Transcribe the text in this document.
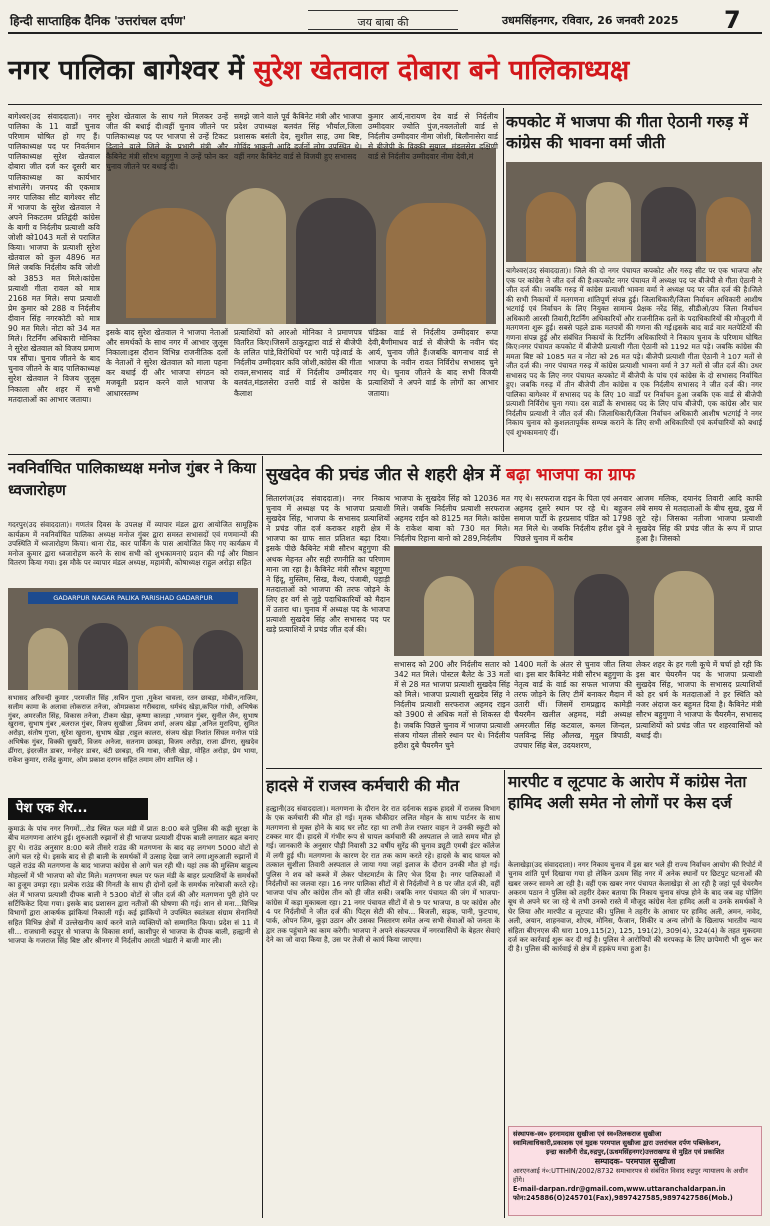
हिन्दी साप्ताहिक दैनिक 'उत्तरांचल दर्पण'	जय बाबा की	उधमसिंहनगर, रविवार, 26 जनवरी 2025 7
नगर पालिका बागेश्वर में सुरेश खेतवाल दोबारा बने पालिकाध्यक्ष
बागेश्वर(उद संवाददाता)। नगर पालिका के 11 वार्डों चुनाव परिणाम घोषित हो गए हैं। पालिकाध्यक्ष पद पर निवर्तमान पालिकाध्यक्ष सुरेश खेतवाल दोबारा जीत दर्ज कर दूसरी बार पालिकाध्यक्ष का कार्यभार संभालेंगे। जनपद की एकमात्र नगर पालिका सीट बागेश्वर सीट में भाजपा के सुरेश खेतवाल ने अपने निकटतम प्रतिद्वंदी कांग्रेस के बागी व निर्दलीय प्रत्याशी कवि जोशी को1043 मतों से पराजित किया। भाजपा के प्रत्याशी सुरेश खेतवाल को कुल 4896 मत मिले जबकि निर्दलीय कवि जोशी को 3853 मत मिले।कांग्रेस प्रत्याशी गीता रावल को मात्र 2168 मत मिले। सपा प्रत्याशी प्रेम कुमार को 288 व निर्दलीय दीवान सिंह नगरकोटी को मात्र 90 मत मिले। नोटा को 34 मत मिले। रिटर्निंग अधिकारी मोनिका ने सुरेश खेतवाल को विजय प्रमाण पत्र सौंपा। चुनाव जीतने के बाद चुनाव जीतने के बाद पालिकाध्यक्ष सुरेश खेतवाल ने विजय जुलूस निकाला और शहर में सभी मतदाताओं का आभार जताया।
सुरेश खेतवाल के साथ गले मिलकर उन्हें जीत की बधाई दी।वहीं चुनाव जीतने पर पालिकाध्यक्ष पद पर भाजपा से उन्हें टिकट दिलाने वाले जिले के प्रभारी मंत्री और कैबिनेट मंत्री सौरभ बहुगुणा ने उन्हें फोन कर चुनाव जीतने पर बधाई दी।
समझे जाने वाले पूर्व कैबिनेट मंत्री और भाजपा प्रदेश उपाध्यक्ष बलवंत सिंह भौर्याल,जिला प्रशासक बसंती देव, सुशील साह, उमा बिष्ट, गोविंद भाकुनी आदि दर्जनों लोग उपस्थित थे।वहीं नगर कैबिनेट वार्ड से विजयी हुए सभासद
कुमार आर्य,नारायण देव वार्ड से निर्दलीय उम्मीदवार ज्योति पुंज,नवलतोली वार्ड से निर्दलीय उम्मीदवार नीमा जोशी, बिलौनासेरा वार्ड से बीजेपी के विक्की सुयाल, मंडलसेरा दक्षिणी वार्ड से निर्दलीय उम्मीदवार नीमा देवी,मं
इसके बाद सुरेश खेतवाल ने भाजपा नेताओं और समर्थकों के साथ नगर में आभार जुलूस निकाला।इस दौरान विभिन्न राजनीतिक दलों के नेताओं ने सुरेश खेतवाल को माला पहना कर बधाई दी और भाजपा संगठन को मजबूती प्रदान करने वाले भाजपा के आधारस्तम्भ
प्रत्याशियों को आरओ मोनिका ने प्रमाणपत्र वितरित किए।जिसमें ठाकुरद्वारा वार्ड से बीजेपी के ललित पांडे,विरोधियों पर भारी पड़े।वार्ड के निर्दलीय उम्मीदवार कवि जोशी,कांग्रेस की गीता रावल,सभासद वार्ड में निर्दलीय उम्मीदवार बलवंत,मंडलसेरा उत्तरी वार्ड से कांग्रेस के कैलाश
चंडिका वार्ड से निर्दलीय उम्मीदवार रूपा देवी,बैणीमाधव वार्ड से बीजेपी के नवीन चंद आर्य, चुनाव जीते हैं।जबकि बागनाथ वार्ड से भाजपा के नवीन रावत निर्विरोध सभासद चुने गए थे। चुनाव जीतने के बाद सभी विजयी प्रत्याशियों ने अपने वार्ड के लोगों का आभार जताया।
कपकोट में भाजपा की गीता ऐठानी गरुड़ में कांग्रेस की भावना वर्मा जीती
बागेश्वर(उद संवाददाता)। जिले की दो नगर पंचायत कपकोट और गरुड़ सीट पर एक भाजपा और एक पर कांग्रेस ने जीत दर्ज की है।कपकोट नगर पंचायत में अध्यक्ष पद पर बीजेपी से गीता ऐठानी ने जीत दर्ज की। जबकि गरुड़ में कांग्रेस प्रत्याशी भावना वर्मा ने अध्यक्ष पद पर जीत दर्ज की है।जिले की सभी निकायों में मतगणना शांतिपूर्ण संपन्न हुई। जिलाधिकारी/जिला निर्वाचन अधिकारी आशीष भटगांई एवं निर्वाचन के लिए नियुक्त सामान्य प्रेक्षक नरेंद्र सिंह, सीडीओ/उप जिला निर्वाचन अधिकारी आरसी तिवारी,रिटर्निंग अधिकारियों और राजनीतिक दलों के पदाधिकारियों की मौजूदगी में मतगणना शुरू हुई। सबसे पहले डाक मतपत्रों की गणना की गई।इसके बाद वार्ड वार मतपेटियों की गणना संपन्न हुई और संबंधित निकायों के रिटर्निंग अधिकारियों ने निकाय चुनाव के परिणाम घोषित किए।नगर पंचायत कपकोट में बीजेपी प्रत्याशी गीता ऐठानी को 1192 मत पड़े। जबकि कांग्रेस की ममता बिष्ट को 1085 मत व नोटा को 26 मत पड़े। बीजेपी प्रत्याशी गीता ऐठानी ने 107 मतों से जीत दर्ज की। नगर पंचायत गरुड़ में कांग्रेस प्रत्याशी भावना वर्मा ने 37 मतों से जीत दर्ज की। उधर सभासद पद के लिए नगर पंचायत कपकोट में बीजेपी के पांच एवं कांग्रेस के दो सभासद निर्वाचित हुए। जबकि गरुड़ में तीन बीजेपी तीन कांग्रेस व एक निर्दलीय सभासद ने जीत दर्ज की। नगर पालिका बागेश्वर में सभासद पद के लिए 10 वार्डों पर निर्वाचन हुआ जबकि एक वार्ड से बीजेपी प्रत्याशी निर्विरोध चुना गया। दस वार्डों के सभासद पद के लिए पांच बीजेपी, एक कांग्रेस और चार निर्दलीय प्रत्याशी ने जीत दर्ज की। जिलाधिकारी/जिला निर्वाचन अधिकारी आशीष भटगांई ने नगर निकाय चुनाव को कुशलतापूर्वक सम्पन्न कराने के लिए सभी अधिकारियों एवं कर्मचारियों को बधाई एवं शुभकामनाएं दीं।
नवनिर्वाचित पालिकाध्यक्ष मनोज गुंबर ने किया ध्वजारोहण
गदरपुर(उद संवाददाता)। गणतंत्र दिवस के उपलक्ष में व्यापार मंडल द्वारा आयोजित सामूहिक कार्यक्रम में नवनिर्वाचित पालिका अध्यक्ष मनोज गुंबर द्वारा समस्त सभासदों एवं गणमान्यों की उपस्थिति में ध्वजारोहण किया। थाना रोड, कार पार्किंग के पास आयोजित किए गए कार्यक्रम में मनोज कुमार द्वारा ध्वजारोहण करने के साथ सभी को शुभकामनाएं प्रदान की गई और मिष्ठान वितरण किया गया। इस मौके पर व्यापार मंडल अध्यक्ष, महामंत्री, कोषाध्यक्ष राहुल अरोड़ा सहित
GADARPUR NAGAR PALIKA PARISHAD GADARPUR
सभासद अरिवन्दी कुमार ,परमजीत सिंह ,सचिन गुप्ता ,मुकेश चावला, रतन छाबड़ा, मोबीन,नाजिम, सलीम कामा के अलावा लोकराज तनेजा, ओमप्रकाश गरीबदास, धर्मचंद खेड़ा,कपिल गांधी, अभिषेक गुंबर, अमरजीत सिंह, विकास तनेजा, टीकम खेड़ा, कृष्णा कालड़ा ,भगवान गुंबर, सुनील जैन, सुभाष खुराना, सुभाष गुंबर ,बलराज गुंबर, विजय सुखीजा ,शिवम शर्मा, अजय खेड़ा ,अनिल मुरादिया, सुमित अरोड़ा, संतोष गुप्ता, सुरेश खुराना, सुभाष खेड़ा ,राहुल कालरा, संजय खेड़ा निशांत सिंघल मनोज पांडे अभिषेक गुंबर, विक्की सुखरी, विजय अनेजा, सतनाम छाबड़ा, विजय अरोड़ा, राजा ढींगरा, सुखदेव ढींगरा, इंदरजीत डाबर, मनोहर डाबर, बंटी छाबड़ा, रवि गाबा, जीती खेड़ा, मोहित अरोड़ा, प्रेम भाया, राकेश कुमार, राजेंद्र कुमार, ओम प्रकाश दरगन सहित तमाम लोग शामिल रहे ।
पेश एक शेर...
कुमाऊं के पांच नगर निगमों...रोड स्थित फल मंडी में प्रातः 8:00 बजे पुलिस की कड़ी सुरक्षा के बीच मतगणना आरंभ हुई। शुरुआती रुझानों से ही भाजपा प्रत्याशी दीपक बाली लगातार बढ़त बनाए हुए थे। राउंड अनुसार 8:00 बजे तीसरे राउंड की मतगणना के बाद वह लगभग 5000 वोटों से आगे चल रहे थे। इसके बाद से ही बाली के समर्थकों में उत्साह देखा जाने लगा।शुरुआती रुझानों में पहले राउंड की मतगणना के बाद भाजपा कांग्रेस से आगे चल रही थी। यहां तक की मुस्लिम बाहुल्य मोहल्लों में भी भाजपा को वोट मिले। मतगणना स्थल पर फल मंडी के बाहर प्रत्याशियों के समर्थकों का हुजूम उमड़ा रहा। प्रत्येक राउंड की गिनती के साथ ही दोनों दलों के समर्थक नारेबाजी करते रहे। अंत में भाजपा प्रत्याशी दीपक बाली ने 5300 वोटों से जीत दर्ज की और मतगणना पूरी होने पर सर्टिफिकेट दिया गया। इसके बाद प्रशासन द्वारा नतीजों की घोषणा की गई। शान से मना...विभिन्न विभागों द्वारा आकर्षक झांकियां निकाली गई। कई झांकियों ने उपस्थित स्वतंत्रता संग्राम सेनानियों सहित विभिन्न क्षेत्रों में उल्लेखनीय कार्य करने वाले व्यक्तियों को सम्मानित किया। प्रदेश सं 11 में सी... राजधानी रुद्रपुर से भाजपा के विकास शर्मा, काशीपुर से भाजपा के दीपक बाली, हल्द्वानी से भाजपा के गजराज सिंह बिष्ट और श्रीनगर में निर्दलीय आरती भंडारी ने बाजी मार ली।
सुखदेव की प्रचंड जीत से शहरी क्षेत्र में बढ़ा भाजपा का ग्राफ
सितारगंज(उद संवाददाता)। नगर निकाय चुनाव में अध्यक्ष पद के भाजपा प्रत्याशी सुखदेव सिंह, भाजपा के सभासद प्रत्याशियों ने प्रचंड जीत दर्ज कराकर शहरी क्षेत्र में भाजपा का ग्राफ सात प्रतिशत बढ़ा दिया। इसके पीछे कैबिनेट मंत्री सौरभ बहुगुणा की अथक मेहनत और सही रणनीति का परिणाम माना जा रहा है। कैबिनेट मंत्री सौरभ बहुगुणा ने हिंदू, मुस्लिम, सिख, वैश्य, पंजाबी, पहाड़ी मतदाताओं को भाजपा की तरफ जोड़ने के लिए हर वर्ग से जुड़े पदाधिकारियों को मैदान में उतारा था। चुनाव में अध्यक्ष पद के भाजपा प्रत्याशी सुखदेव सिंह और सभासद पद पर खड़े प्रत्याशियों ने प्रचंड जीत दर्ज की।
भाजपा के सुखदेव सिंह को 12036 मत मिले। जबकि निर्दलीय प्रत्याशी सरफराज अहमद राईन को 8125 मत मिले। कांग्रेस के राकेश बाबा को 730 मत मिले। निर्दलीय रिहाना बानो को 289,निर्दलीय
गए थे। सरफराज राइन के पिता एवं अनवार अहमद दूसरे स्थान पर रहे थे। बहुजन समाज पार्टी के हरप्रसाद पंडित को 1798 मत मिले थे। जबकि निर्दलीय हरीश दुबे ने पिछले चुनाव में करीब
आजम मलिक, दयानंद तिवारी आदि काफी लंबे समय से मतदाताओं के बीच सुख, दुख में जुटे रहे। जिसका नतीजा भाजपा प्रत्याशी सुखदेव सिंह की प्रचंड जीत के रूप में प्राप्त हुआ है। जिसको
सभासद को 200 और निर्दलीय सतार को 342 मत मिले। पोस्टल बैलेट के 33 मतों में से 28 मत भाजपा प्रत्याशी सुखदेव सिंह को मिले। भाजपा प्रत्याशी सुखदेव सिंह ने निर्दलीय प्रत्याशी सरफराज अहमद राइन को 3900 से अधिक मतों से शिकस्त दी है। जबकि पिछले चुनाव में भाजपा प्रत्याशी संजय गोयल तीसरे स्थान पर थे। निर्दलीय हरीश दुबे चैयरमैन चुने
1400 मतों के अंतर से चुनाव जीत लिया था। इस बार कैबिनेट मंत्री सौरभ बहुगुणा के नेतृत्व वार्ड के वार्ड का सफल भाजपा की तरफ जोड़ने के लिए टीमें बनाकर मैदान में उतारी थीं। जिसमें रामप्रह्लाद कामेड़ी चैयरमैन खलील अहमद, मंडी अध्यक्ष अमरजीत सिंह कटवाल, कमल जिन्दल, पलविन्द्र सिंह औलख, मृदुल त्रिपाठी, उपचार सिंह बेल, उदयशरण,
लेकर शहर के हर गली कूचे में चर्चा हो रही कि इस बार चेयरमैन पद के भाजपा प्रत्याशी सुखदेव सिंह, भाजपा के सभासद प्रत्याशियों को हर धर्म के मतदाताओं ने हर स्थिति को नजर अंदाज कर बहुमत दिया है। कैबिनेट मंत्री सौरभ बहुगुणा ने भाजपा के चैयरमैन, सभासद प्रत्याशियों को प्रचंड जीत पर शहरवासियों को बधाई दी।
हादसे में राजस्व कर्मचारी की मौत
हल्द्वानी(उद संवाददाता)। मतगणना के दौरान देर रात दर्दनाक सड़क हादसे में राजस्व विभाग के एक कर्मचारी की मौत हो गई। मृतक चौकीदार ललित मोहन के साथ पार्ट‍नर के साथ मतगणना से मुक्त होने के बाद घर लौट रहा था तभी तेज रफ्तार वाहन ने उनकी स्कूटी को टक्कर मार दी। हादसे में गंभीर रूप से घायल कर्मचारी की अस्पताल ले जाते समय मौत हो गई। जानकारी के अनुसार पौड़ी निवासी 32 वर्षीय सुरेंद्र की चुनाव ड्यूटी एमबी इंटर कॉलेज में लगी हुई थी। मतगणना के कारण देर रात तक काम करते रहे। हादसे के बाद घायल को तत्काल सुशीला तिवारी अस्पताल ले जाया गया जहां इलाज के दौरान उनकी मौत हो गई। पुलिस ने शव को कब्जे में लेकर पोस्टमार्टम के लिए भेज दिया है। नगर पालिकाओं में निर्दलीयों का जलवा रहा। 16 नगर पालिका सीटों में से निर्दलीयों ने 8 पर जीत दर्ज की, वहीं भाजपा पांच और कांग्रेस तीन को ही जीत सकी। जबकि नगर पंचायत की जंग में भाजपा-कांग्रेस में कड़ा मुकाबला रहा। 21 नगर पंचायत सीटों में से 9 पर भाजपा, 8 पर कांग्रेस और 4 पर निर्दलीयों ने जीत दर्ज की। पिट्स सेटी की सोच... बिजली, सड़क, पानी, फुटपाथ, पार्क, ओपन जिम, कूड़ा उठान और उसका निस्तारण समेत अन्य सभी सेवाओं को जनता के द्वार तक पहुंचाने का काम करेगी। भाजपा ने अपने संकल्पपत्र में नगरवासियों के बेहतर सेवाएं देने का जो वादा किया है, उस पर तेजी से कार्य किया जाएगा।
मारपीट व लूटपाट के आरोप में कांग्रेस नेता हामिद अली समेत नो लोगों पर केस दर्ज
केलाखेड़ा(उद संवाददाता)। नगर निकाय चुनाव में इस बार भले ही राज्य निर्वाचन आयोग की रिपोर्ट में चुनाव शांति पूर्ण दिखाया गया हो लेकिन ऊधम सिंह नगर में अनेक स्थानों पर छिटपुट घटनाओं की खबर जरूर सामने आ रही है। वहीं एक खबर नगर पंचायत केलाखेड़ा से आ रही है जहां पूर्व चेयरमैन अकरम पठान ने पुलिस को तहरीर देकर बताया कि निकाय चुनाव संपन्न होने के बाद जब वह पोलिंग बूथ से अपने घर जा रहे थे तभी उनको रास्ते में मौजूद कांग्रेस नेता हामिद अली व उनके समर्थकों ने घेर लिया और मारपीट व लूटपाट की। पुलिस ने तहरीर के आधार पर हामिद अली, अमन, नावेद, अली, अयान, शाहनवाज, शोएब, मोनिस, फैजान, शिकीर व अन्य लोगों के खिलाफ भारतीय न्याय संहिता बीएनएस की धारा 109,115(2), 125, 191(2), 309(4), 324(4) के तहत मुकदमा दर्ज कर कार्रवाई शुरू कर दी गई है। पुलिस ने आरोपियों की धरपकड़ के लिए छापेमारी भी शुरू कर दी है। पुलिस की कार्रवाई से क्षेत्र में हड़कंप मचा हुआ है।
संस्थापक-स्व० हरनामदास सुखीजा एवं स्व०तिलकराज सुखीजा
स्वामित्वाधिकारी,प्रकाशक एवं मुद्रक परमपाल सुखीजा द्वारा उत्तरांचल दर्पण पब्लिकेशन,
इन्द्रा कालौनी रोड,रुद्रपुर,(ऊधमसिंहनगर)उत्तराखण्ड से मुद्रित एवं प्रकाशित
सम्पादक- परमपाल सुखीजा
आरएनआई नं०:UTTHIN/2002/8732 समाचारपत्र से संबंधित विवाद रुद्रपुर न्यायालय के अधीन होंगे।
E-mail-darpan.rdr@gmail.com,www.uttaranchaldarpan.in
फोन:245886(O)245701(Fax),9897427585,9897427586(Mob.)
